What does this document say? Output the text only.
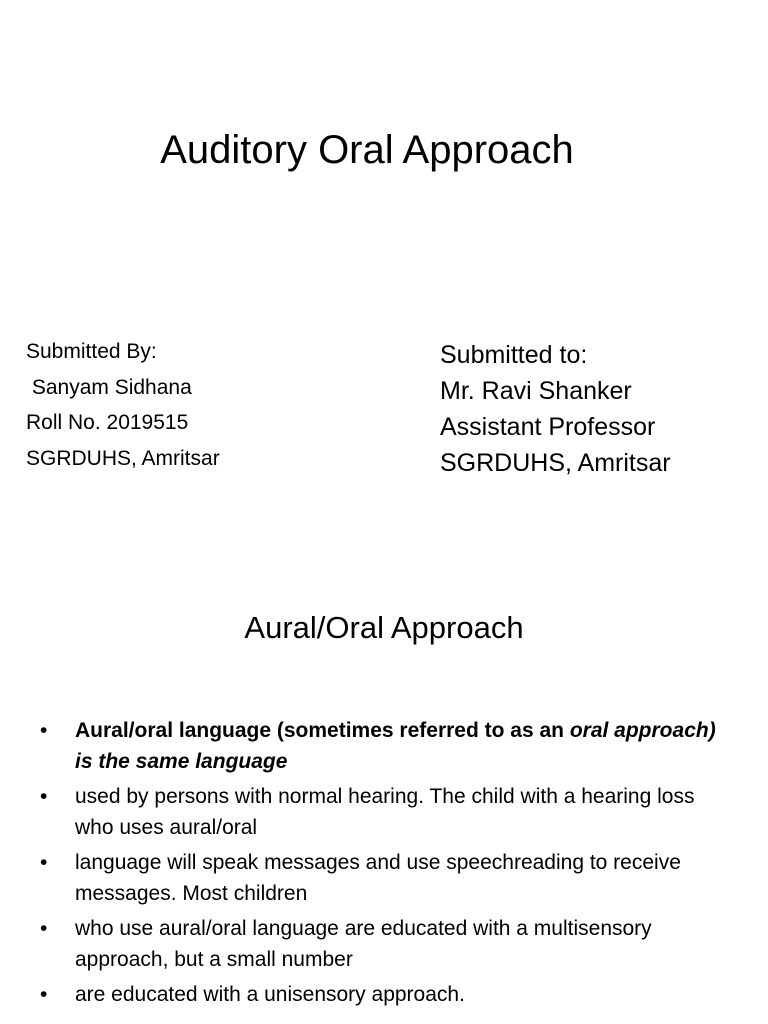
Auditory Oral Approach
Submitted By:
Sanyam Sidhana
Roll No. 2019515
SGRDUHS, Amritsar
Submitted to:
Mr. Ravi Shanker
Assistant Professor
SGRDUHS, Amritsar
Aural/Oral Approach
•	Aural/oral language (sometimes referred to as an oral approach) is the same language
•	used by persons with normal hearing. The child with a hearing loss who uses aural/oral
•	language will speak messages and use speechreading to receive messages. Most children
•	who use aural/oral language are educated with a multisensory approach, but a small number
•	are educated with a unisensory approach.
